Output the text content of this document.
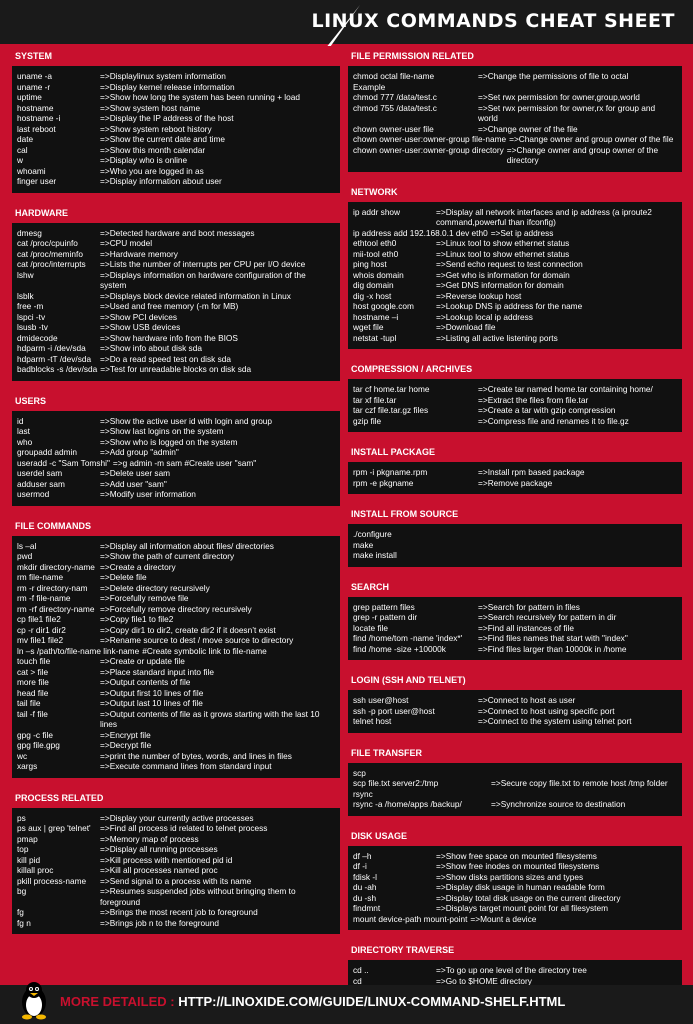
LINUX COMMANDS CHEAT SHEET
SYSTEM
uname -a	=>Displaylinux system information
uname -r	=>Display kernel release information
uptime	=>Show how long the system has been running + load
hostname	=>Show system host name
hostname -i	=>Display the IP address of the host
last reboot	=>Show system reboot history
date	=>Show the current date and time
cal	=>Show this month calendar
w	=>Display who is online
whoami	=>Who you are logged in as
finger user	=>Display information about user
HARDWARE
dmesg	=>Detected hardware and boot messages
cat /proc/cpuinfo	=>CPU model
cat /proc/meminfo	=>Hardware memory
cat /proc/interrupts	=>Lists the number of interrupts per CPU per I/O device
lshw	=>Displays information on hardware configuration of the system
lsblk	=>Displays block device related information in Linux
free -m	=>Used and free memory (-m for MB)
lspci -tv	=>Show PCI devices
lsusb -tv	=>Show USB devices
dmidecode	=>Show hardware info from the BIOS
hdparm -i /dev/sda	=>Show info about disk sda
hdparm -tT /dev/sda	=>Do a read speed test on disk sda
badblocks -s /dev/sda =>Test for unreadable blocks on disk sda
USERS
id	=>Show the active user id with login and group
last	=>Show last logins on the system
who	=>Show who is logged on the system
groupadd admin	=>Add group "admin"
useradd -c "Sam Tomshi" =>g admin -m sam #Create user "sam"
userdel sam	=>Delete user sam
adduser sam	=>Add user "sam"
usermod	=>Modify user information
FILE COMMANDS
ls –al	=>Display all information about files/ directories
pwd	=>Show the path of current directory
mkdir directory-name =>Create a directory
rm file-name	=>Delete file
rm -r directory-nam	=>Delete directory recursively
rm -f file-name	=>Forcefully remove file
rm -rf directory-name =>Forcefully remove directory recursively
cp file1 file2	=>Copy file1 to file2
cp -r dir1 dir2	=>Copy dir1 to dir2, create dir2 if it doesn’t exist
mv file1 file2	=>Rename source to dest / move source to directory
ln –s /path/to/file-name link-name #Create symbolic link to file-name
touch file	=>Create or update file
cat > file	=>Place standard input into file
more file	=>Output contents of file
head file	=>Output first 10 lines of file
tail file	=>Output last 10 lines of file
tail -f file	=>Output contents of file as it grows starting with the last 10 lines
gpg -c file	=>Encrypt file
gpg file.gpg	=>Decrypt file
wc	=>print the number of bytes, words, and lines in files
xargs	=>Execute command lines from standard input
PROCESS RELATED
ps	=>Display your currently active processes
ps aux | grep 'telnet'	=>Find all process id related to telnet process
pmap	=>Memory map of process
top	=>Display all running processes
kill pid	=>Kill process with mentioned pid id
killall proc	=>Kill all processes named proc
pkill process-name	=>Send signal to a process with its name
bg	=>Resumes suspended jobs without bringing them to foreground
fg	=>Brings the most recent job to foreground
fg n	=>Brings job n to the foreground
FILE PERMISSION RELATED
chmod octal file-name	=>Change the permissions of file to octal
Example
chmod 777 /data/test.c	=>Set rwx permission for owner,group,world
chmod 755 /data/test.c	=>Set rwx permission for owner,rx for group and world
chown owner-user file	=>Change owner of the file
chown owner-user:owner-group file-name =>Change owner and group owner of the file
chown owner-user:owner-group directory =>Change owner and group owner of the directory
NETWORK
ip addr show	=>Display all network interfaces and ip address (a iproute2 command,powerful than ifconfig)
ip address add 192.168.0.1 dev eth0 =>Set ip address
ethtool eth0	=>Linux tool to show ethernet status
mii-tool eth0	=>Linux tool to show ethernet status
ping host	=>Send echo request to test connection
whois domain	=>Get who is information for domain
dig domain	=>Get DNS information for domain
dig -x host	=>Reverse lookup host
host google.com	=>Lookup DNS ip address for the name
hostname –i	=>Lookup local ip address
wget file	=>Download file
netstat -tupl	=>Listing all active listening ports
COMPRESSION / ARCHIVES
tar cf home.tar home	=>Create tar named home.tar containing home/
tar xf file.tar	=>Extract the files from file.tar
tar czf file.tar.gz files	=>Create a tar with gzip compression
gzip file	=>Compress file and renames it to file.gz
INSTALL PACKAGE
rpm -i pkgname.rpm	=>Install rpm based package
rpm -e pkgname	=>Remove package
INSTALL FROM SOURCE
./configure
make
make install
SEARCH
grep pattern files	=>Search for pattern in files
grep -r pattern dir	=>Search recursively for pattern in dir
locate file	=>Find all instances of file
find /home/tom -name 'index*'	=>Find files names that start with "index"
find /home -size +10000k	=>Find files larger than 10000k in /home
LOGIN (SSH AND TELNET)
ssh user@host	=>Connect to host as user
ssh -p port user@host	=>Connect to host using specific port
telnet host	=>Connect to the system using telnet port
FILE TRANSFER
scp
scp file.txt server2:/tmp	=>Secure copy file.txt to remote host /tmp folder
rsync
rsync -a /home/apps /backup/	=>Synchronize source to destination
DISK USAGE
df –h	=>Show free space on mounted filesystems
df -i	=>Show free inodes on mounted filesystems
fdisk -l	=>Show disks partitions sizes and types
du -ah	=>Display disk usage in human readable form
du -sh	=>Display total disk usage on the current directory
findmnt	=>Displays target mount point for all filesystem
mount device-path mount-point =>Mount a device
DIRECTORY TRAVERSE
cd ..	=>To go up one level of the directory tree
cd	=>Go to $HOME directory
MORE DETAILED : HTTP://LINOXIDE.COM/GUIDE/LINUX-COMMAND-SHELF.HTML
